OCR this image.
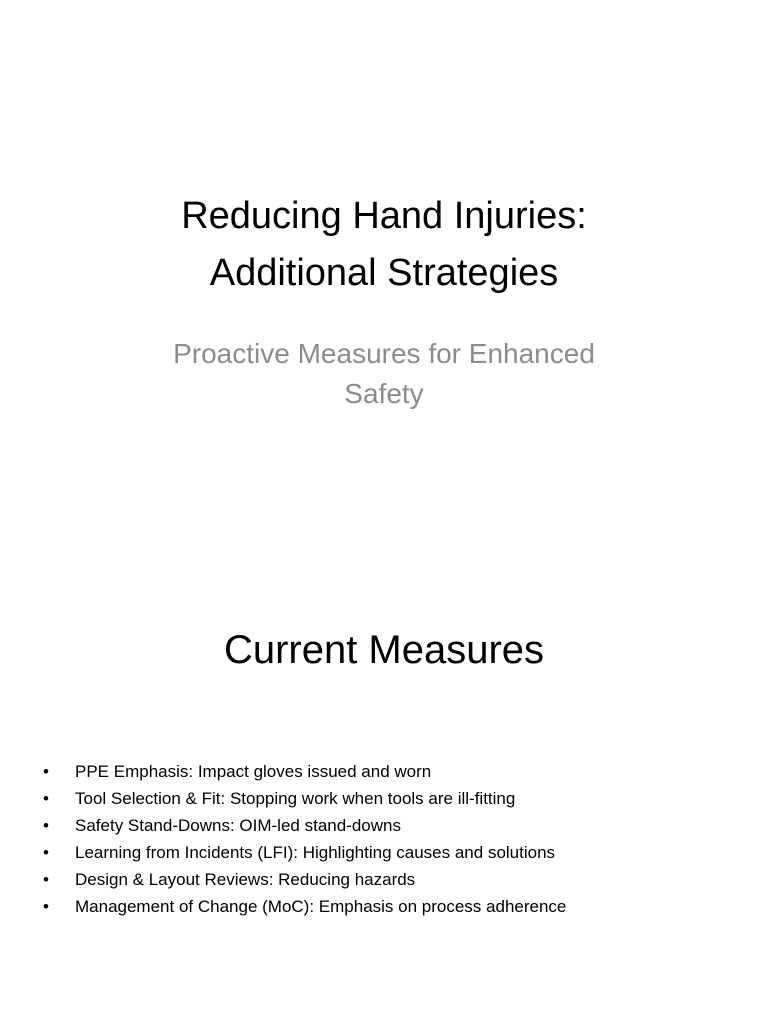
Reducing Hand Injuries:
Additional Strategies
Proactive Measures for Enhanced
Safety
Current Measures
• PPE Emphasis: Impact gloves issued and worn
• Tool Selection & Fit: Stopping work when tools are ill-fitting
• Safety Stand-Downs: OIM-led stand-downs
• Learning from Incidents (LFI): Highlighting causes and solutions
• Design & Layout Reviews: Reducing hazards
• Management of Change (MoC): Emphasis on process adherence
